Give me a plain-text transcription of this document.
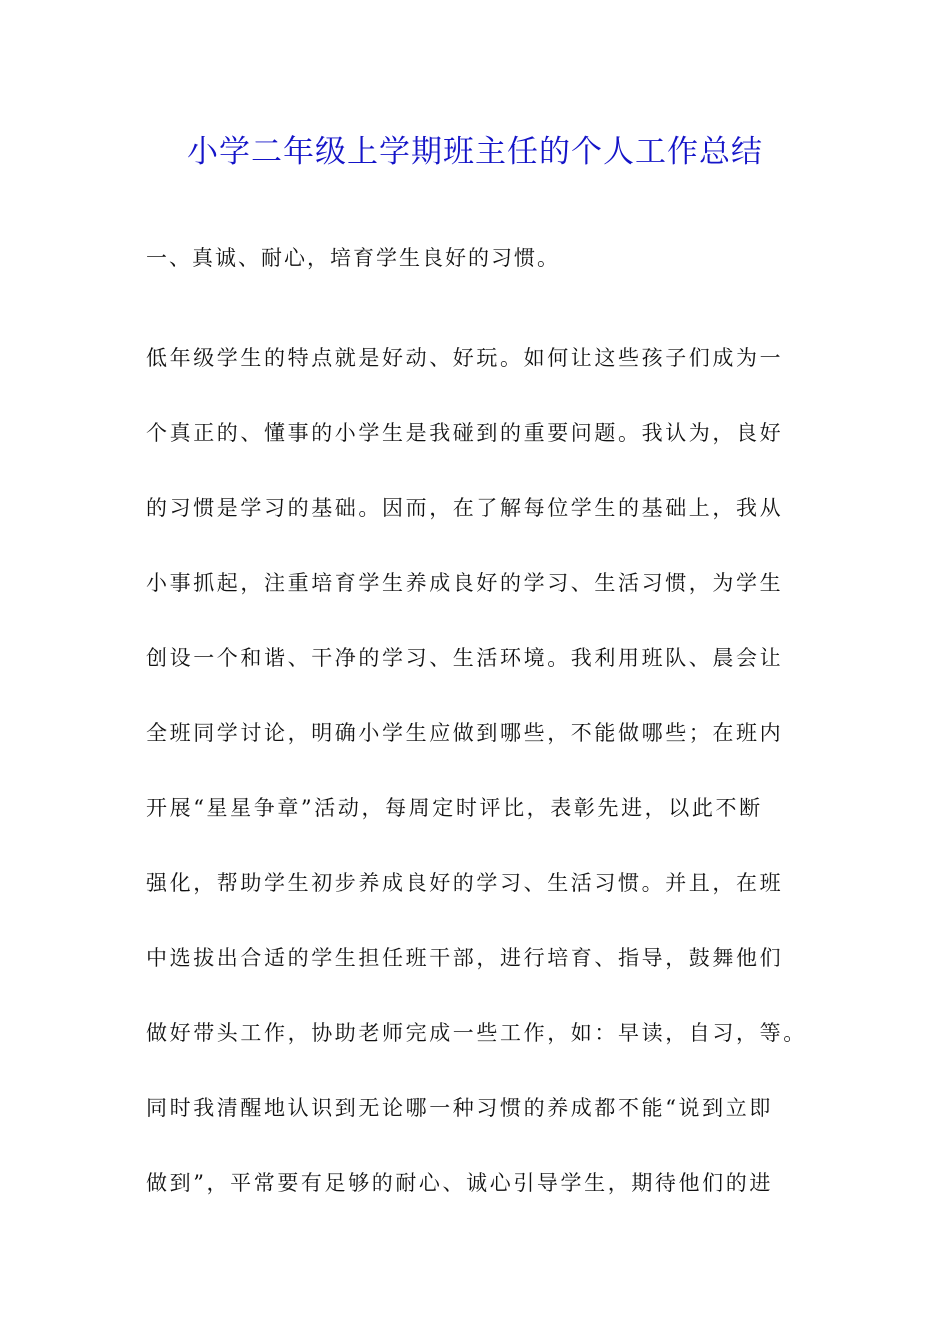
小学二年级上学期班主任的个人工作总结
一、真诚、耐心，培育学生良好的习惯。
低年级学生的特点就是好动、好玩。如何让这些孩子们成为一
个真正的、懂事的小学生是我碰到的重要问题。我认为，良好
的习惯是学习的基础。因而，在了解每位学生的基础上，我从
小事抓起，注重培育学生养成良好的学习、生活习惯，为学生
创设一个和谐、干净的学习、生活环境。我利用班队、晨会让
全班同学讨论，明确小学生应做到哪些，不能做哪些；在班内
开展“星星争章”活动，每周定时评比，表彰先进，以此不断
强化，帮助学生初步养成良好的学习、生活习惯。并且，在班
中选拔出合适的学生担任班干部，进行培育、指导，鼓舞他们
做好带头工作，协助老师完成一些工作，如：早读，自习，等。
同时我清醒地认识到无论哪一种习惯的养成都不能“说到立即
做到”，平常要有足够的耐心、诚心引导学生，期待他们的进
